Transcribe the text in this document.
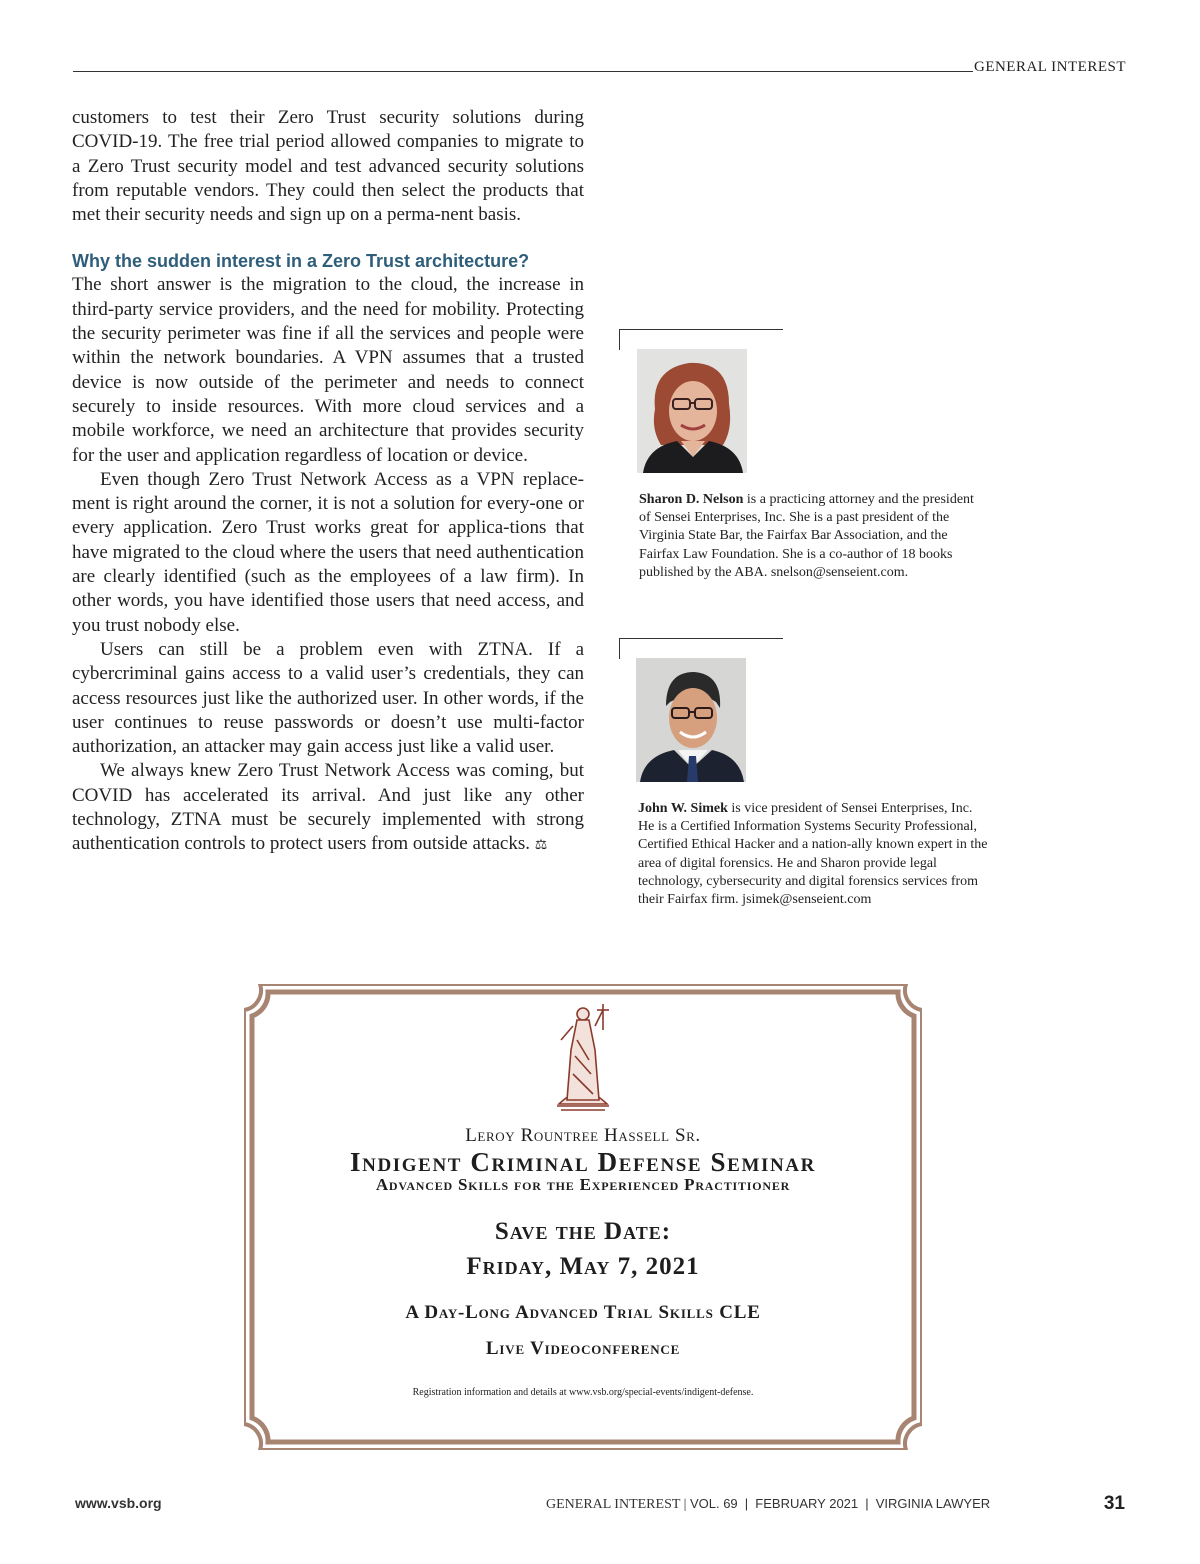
GENERAL INTEREST

customers to test their Zero Trust security solutions during COVID-19. The free trial period allowed companies to migrate to a Zero Trust security model and test advanced security solutions from reputable vendors. They could then select the products that met their security needs and sign up on a perma-nent basis.

Why the sudden interest in a Zero Trust architecture?

The short answer is the migration to the cloud, the increase in third-party service providers, and the need for mobility. Protecting the security perimeter was fine if all the services and people were within the network boundaries. A VPN assumes that a trusted device is now outside of the perimeter and needs to connect securely to inside resources. With more cloud services and a mobile workforce, we need an architecture that provides security for the user and application regardless of location or device.

Even though Zero Trust Network Access as a VPN replace-ment is right around the corner, it is not a solution for every-one or every application. Zero Trust works great for applica-tions that have migrated to the cloud where the users that need authentication are clearly identified (such as the employees of a law firm). In other words, you have identified those users that need access, and you trust nobody else.

Users can still be a problem even with ZTNA. If a cybercriminal gains access to a valid user’s credentials, they can access resources just like the authorized user. In other words, if the user continues to reuse passwords or doesn’t use multi-factor authorization, an attacker may gain access just like a valid user.

We always knew Zero Trust Network Access was coming, but COVID has accelerated its arrival. And just like any other technology, ZTNA must be securely implemented with strong authentication controls to protect users from outside attacks. ⚖

Sharon D. Nelson is a practicing attorney and the president of Sensei Enterprises, Inc. She is a past president of the Virginia State Bar, the Fairfax Bar Association, and the Fairfax Law Foundation. She is a co-author of 18 books published by the ABA. snelson@senseient.com.
John W. Simek is vice president of Sensei Enterprises, Inc. He is a Certified Information Systems Security Professional, Certified Ethical Hacker and a nation-ally known expert in the area of digital forensics. He and Sharon provide legal technology, cybersecurity and digital forensics services from their Fairfax firm. jsimek@senseient.com
Leroy Rountree Hassell Sr.
Indigent Criminal Defense Seminar
Advanced Skills for the Experienced Practitioner
Save the Date:
Friday, May 7, 2021
A Day-Long Advanced Trial Skills CLE
Live Videoconference
Registration information and details at www.vsb.org/special-events/indigent-defense.
www.vsb.org	GENERAL INTEREST | VOL. 69  |  FEBRUARY 2021  |  VIRGINIA LAWYER	31
